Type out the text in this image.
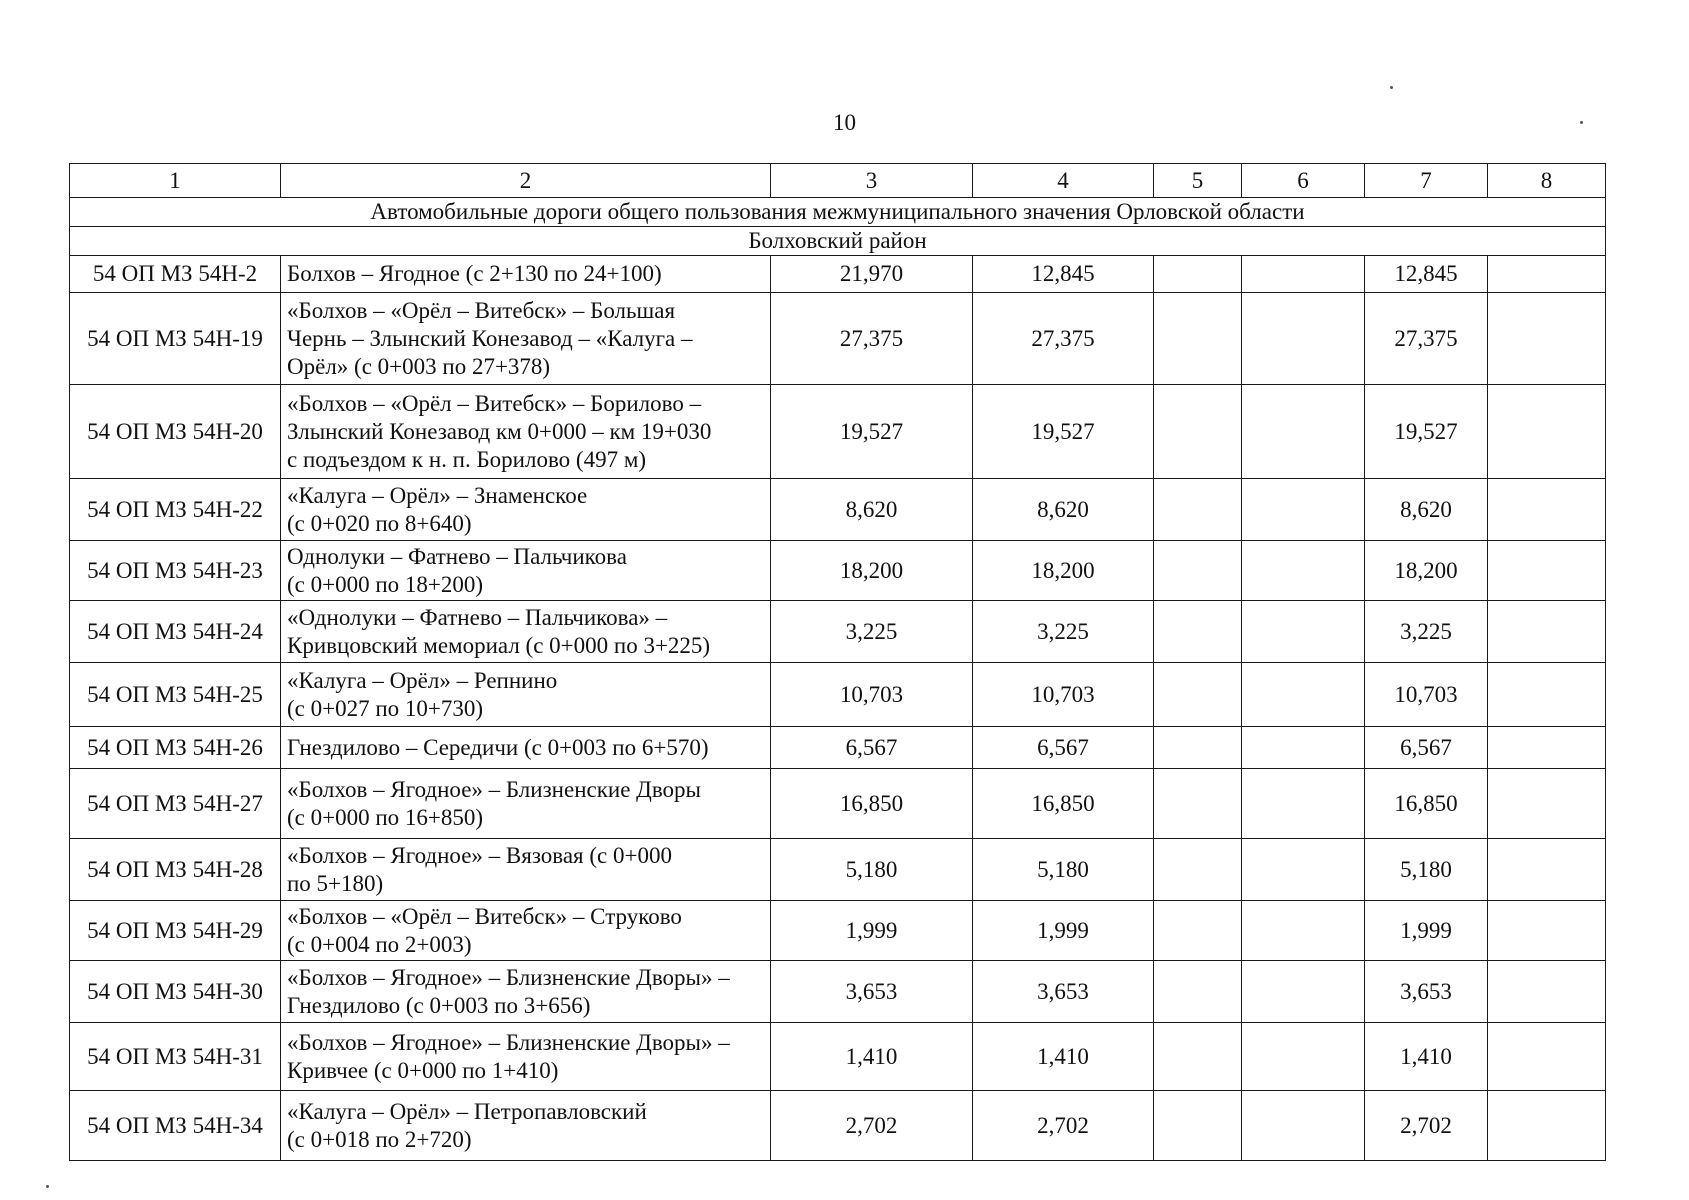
10
1	2	3	4	5	6	7	8
Автомобильные дороги общего пользования межмуниципального значения Орловской области							
Болховский район							
54 ОП МЗ 54Н-2	Болхов – Ягодное (с 2+130 по 24+100)	21,970	12,845			12,845	
54 ОП МЗ 54Н-19	«Болхов – «Орёл – Витебск» – Большая
Чернь – Злынский Конезавод – «Калуга –
Орёл» (с 0+003 по 27+378)	27,375	27,375			27,375	
54 ОП МЗ 54Н-20	«Болхов – «Орёл – Витебск» – Борилово –
Злынский Конезавод км 0+000 – км 19+030
с подъездом к н. п. Борилово (497 м)	19,527	19,527			19,527	
54 ОП МЗ 54Н-22	«Калуга – Орёл» – Знаменское
(с 0+020 по 8+640)	8,620	8,620			8,620	
54 ОП МЗ 54Н-23	Однолуки – Фатнево – Пальчикова
(с 0+000 по 18+200)	18,200	18,200			18,200	
54 ОП МЗ 54Н-24	«Однолуки – Фатнево – Пальчикова» –
Кривцовский мемориал (с 0+000 по 3+225)	3,225	3,225			3,225	
54 ОП МЗ 54Н-25	«Калуга – Орёл» – Репнино
(с 0+027 по 10+730)	10,703	10,703			10,703	
54 ОП МЗ 54Н-26	Гнездилово – Середичи (с 0+003 по 6+570)	6,567	6,567			6,567	
54 ОП МЗ 54Н-27	«Болхов – Ягодное» – Близненские Дворы
(с 0+000 по 16+850)	16,850	16,850			16,850	
54 ОП МЗ 54Н-28	«Болхов – Ягодное» – Вязовая (с 0+000
по 5+180)	5,180	5,180			5,180	
54 ОП МЗ 54Н-29	«Болхов – «Орёл – Витебск» – Струково
(с 0+004 по 2+003)	1,999	1,999			1,999	
54 ОП МЗ 54Н-30	«Болхов – Ягодное» – Близненские Дворы» –
Гнездилово (с 0+003 по 3+656)	3,653	3,653			3,653	
54 ОП МЗ 54Н-31	«Болхов – Ягодное» – Близненские Дворы» –
Кривчее (с 0+000 по 1+410)	1,410	1,410			1,410	
54 ОП МЗ 54Н-34	«Калуга – Орёл» – Петропавловский
(с 0+018 по 2+720)	2,702	2,702			2,702	
